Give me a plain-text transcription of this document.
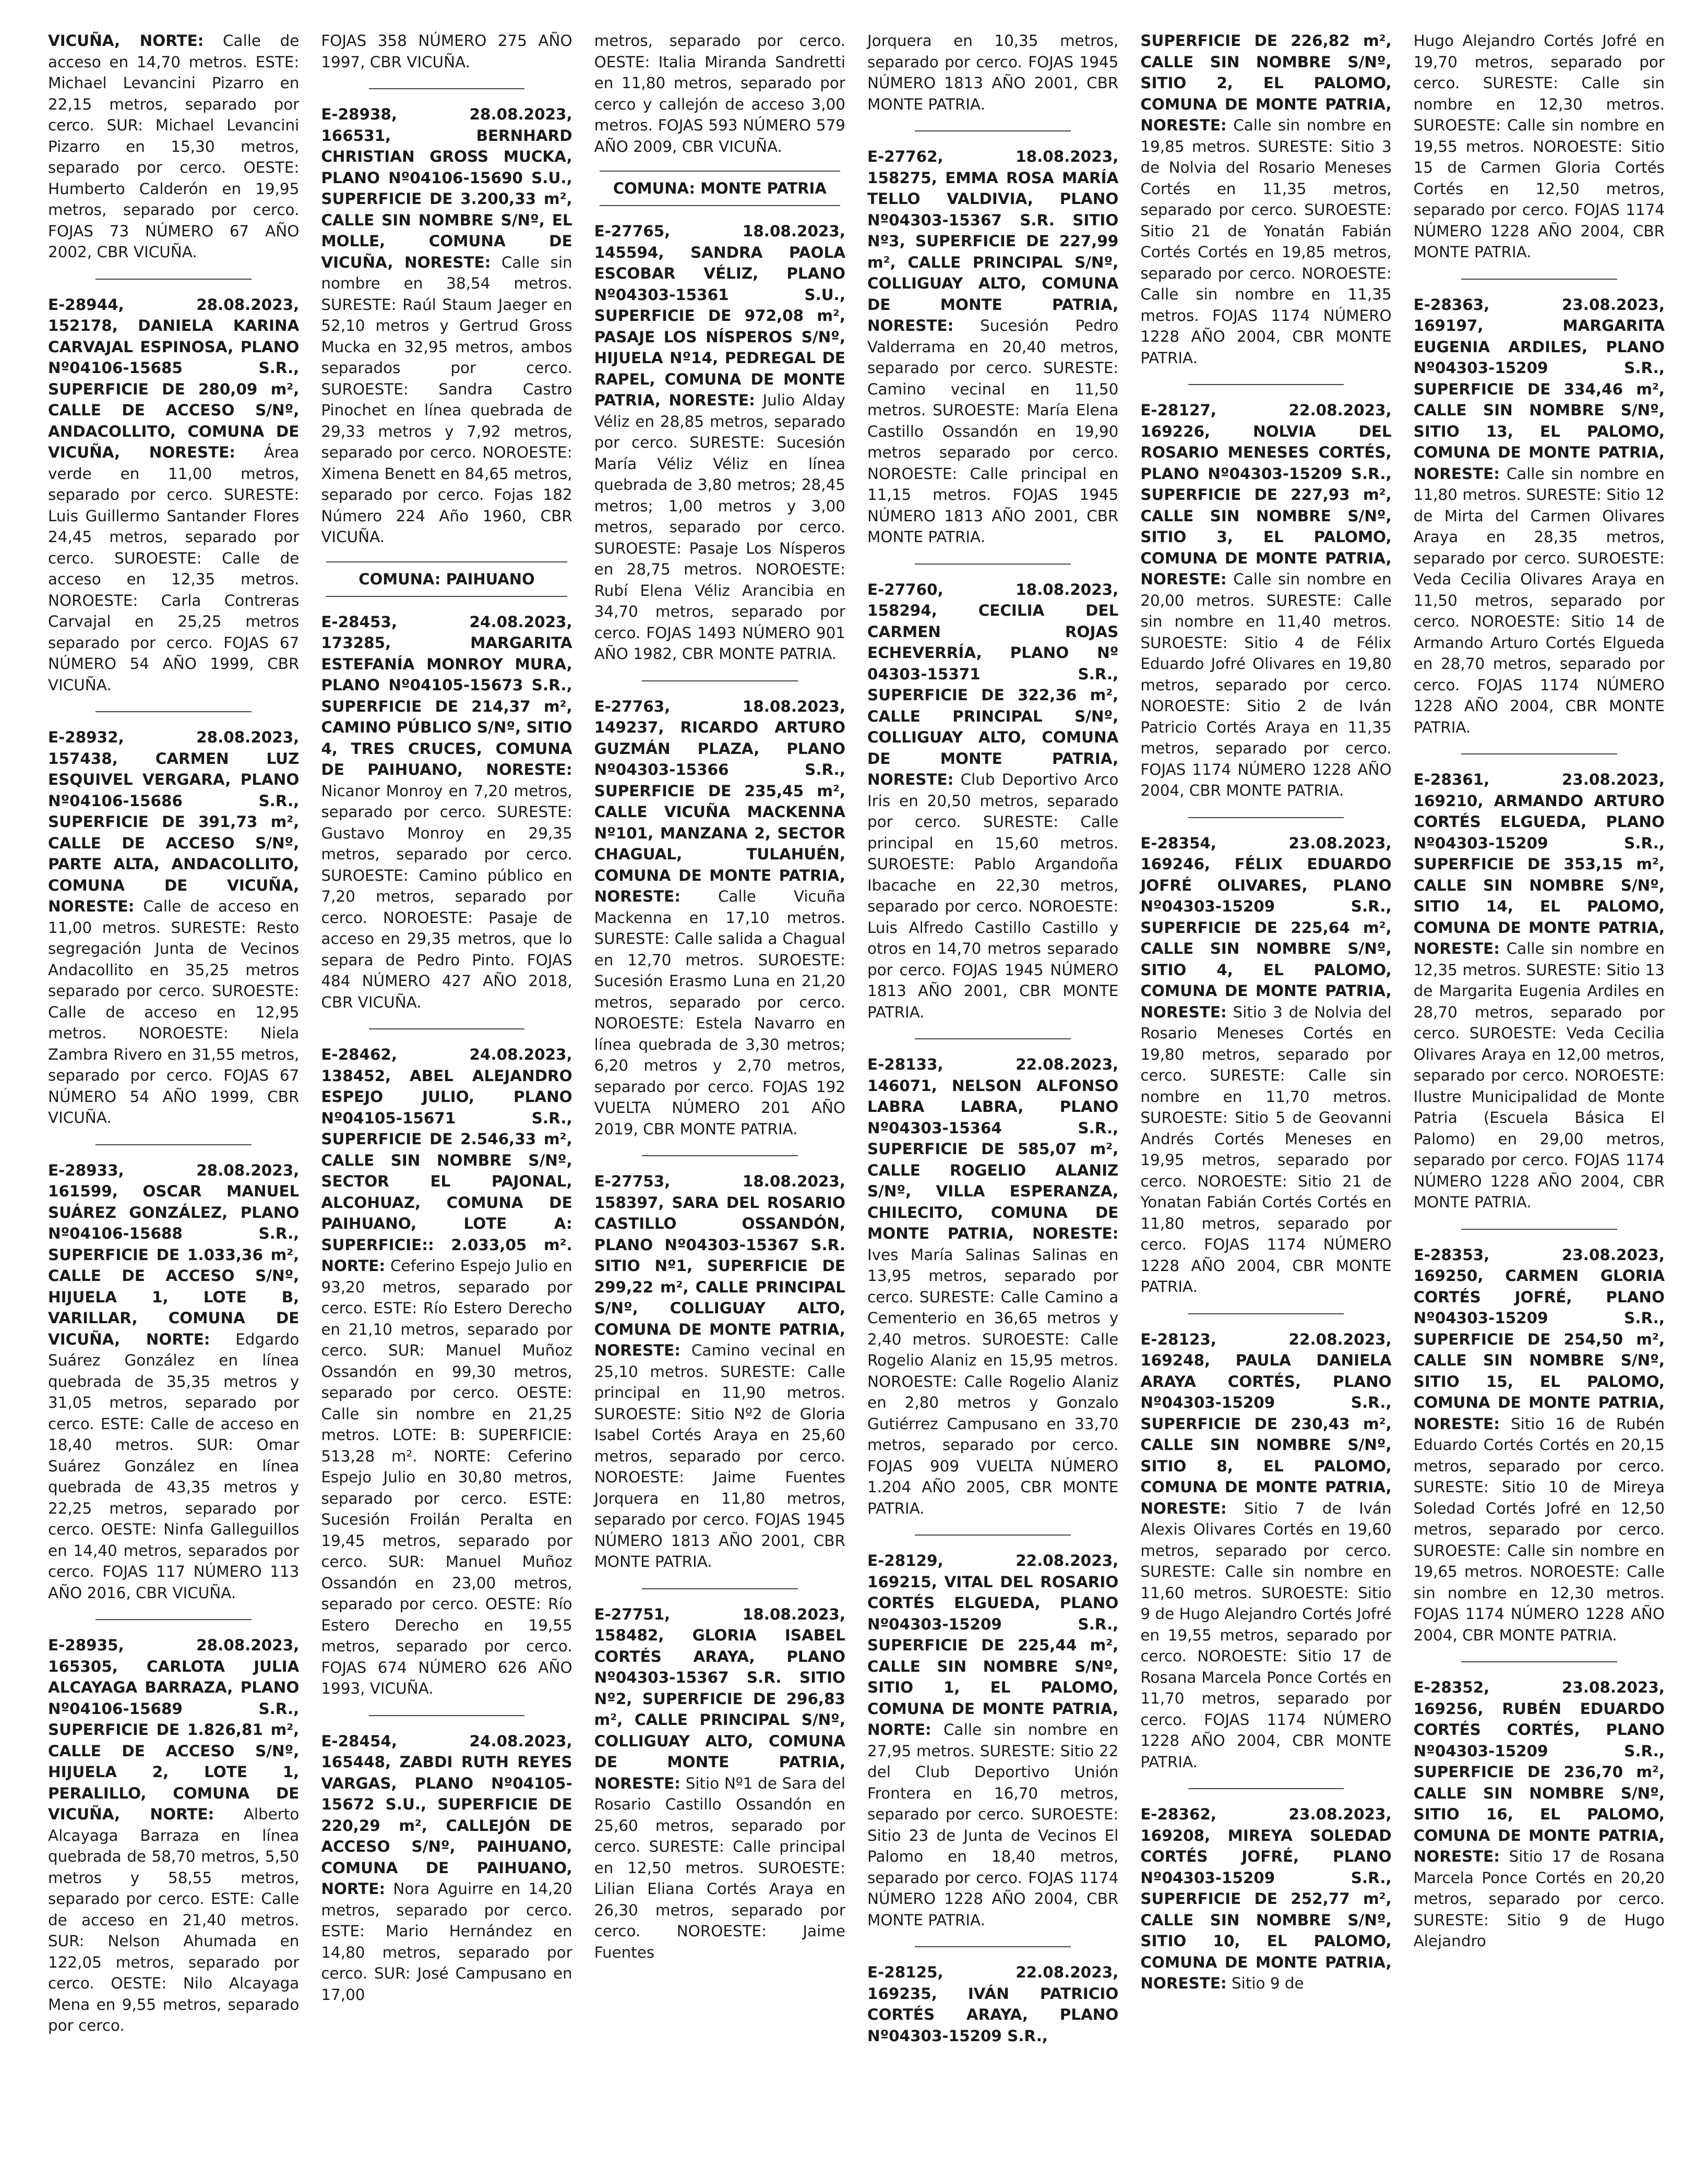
VICUÑA, NORTE: Calle de acceso en 14,70 metros. ESTE: Michael Levancini Pizarro en 22,15 metros, separado por cerco. SUR: Michael Levancini Pizarro en 15,30 metros, separado por cerco. OESTE: Humberto Calderón en 19,95 metros, separado por cerco. FOJAS 73 NÚMERO 67 AÑO 2002, CBR VICUÑA.

E-28944, 28.08.2023, 152178, DANIELA KARINA CARVAJAL ESPINOSA, PLANO Nº04106-15685 S.R., SUPERFICIE DE 280,09 m², CALLE DE ACCESO S/Nº, ANDACOLLITO, COMUNA DE VICUÑA, NORESTE: Área verde en 11,00 metros, separado por cerco. SURESTE: Luis Guillermo Santander Flores 24,45 metros, separado por cerco. SUROESTE: Calle de acceso en 12,35 metros. NOROESTE: Carla Contreras Carvajal en 25,25 metros separado por cerco. FOJAS 67 NÚMERO 54 AÑO 1999, CBR VICUÑA.

E-28932, 28.08.2023, 157438, CARMEN LUZ ESQUIVEL VERGARA, PLANO Nº04106-15686 S.R., SUPERFICIE DE 391,73 m², CALLE DE ACCESO S/Nº, PARTE ALTA, ANDACOLLITO, COMUNA DE VICUÑA, NORESTE: Calle de acceso en 11,00 metros. SURESTE: Resto segregación Junta de Vecinos Andacollito en 35,25 metros separado por cerco. SUROESTE: Calle de acceso en 12,95 metros. NOROESTE: Niela Zambra Rivero en 31,55 metros, separado por cerco. FOJAS 67 NÚMERO 54 AÑO 1999, CBR VICUÑA.

E-28933, 28.08.2023, 161599, OSCAR MANUEL SUÁREZ GONZÁLEZ, PLANO Nº04106-15688 S.R., SUPERFICIE DE 1.033,36 m², CALLE DE ACCESO S/Nº, HIJUELA 1, LOTE B, VARILLAR, COMUNA DE VICUÑA, NORTE: Edgardo Suárez González en línea quebrada de 35,35 metros y 31,05 metros, separado por cerco. ESTE: Calle de acceso en 18,40 metros. SUR: Omar Suárez González en línea quebrada de 43,35 metros y 22,25 metros, separado por cerco. OESTE: Ninfa Galleguillos en 14,40 metros, separados por cerco. FOJAS 117 NÚMERO 113 AÑO 2016, CBR VICUÑA.

E-28935, 28.08.2023, 165305, CARLOTA JULIA ALCAYAGA BARRAZA, PLANO Nº04106-15689 S.R., SUPERFICIE DE 1.826,81 m², CALLE DE ACCESO S/Nº, HIJUELA 2, LOTE 1, PERALILLO, COMUNA DE VICUÑA, NORTE: Alberto Alcayaga Barraza en línea quebrada de 58,70 metros, 5,50 metros y 58,55 metros, separado por cerco. ESTE: Calle de acceso en 21,40 metros. SUR: Nelson Ahumada en 122,05 metros, separado por cerco. OESTE: Nilo Alcayaga Mena en 9,55 metros, separado por cerco.

FOJAS 358 NÚMERO 275 AÑO 1997, CBR VICUÑA.

E-28938, 28.08.2023, 166531, BERNHARD CHRISTIAN GROSS MUCKA, PLANO Nº04106-15690 S.U., SUPERFICIE DE 3.200,33 m², CALLE SIN NOMBRE S/Nº, EL MOLLE, COMUNA DE VICUÑA, NORESTE: Calle sin nombre en 38,54 metros. SURESTE: Raúl Staum Jaeger en 52,10 metros y Gertrud Gross Mucka en 32,95 metros, ambos separados por cerco. SUROESTE: Sandra Castro Pinochet en línea quebrada de 29,33 metros y 7,92 metros, separado por cerco. NOROESTE: Ximena Benett en 84,65 metros, separado por cerco. Fojas 182 Número 224 Año 1960, CBR VICUÑA.

COMUNA: PAIHUANO

E-28453, 24.08.2023, 173285, MARGARITA ESTEFANÍA MONROY MURA, PLANO Nº04105-15673 S.R., SUPERFICIE DE 214,37 m², CAMINO PÚBLICO S/Nº, SITIO 4, TRES CRUCES, COMUNA DE PAIHUANO, NORESTE: Nicanor Monroy en 7,20 metros, separado por cerco. SURESTE: Gustavo Monroy en 29,35 metros, separado por cerco. SUROESTE: Camino público en 7,20 metros, separado por cerco. NOROESTE: Pasaje de acceso en 29,35 metros, que lo separa de Pedro Pinto. FOJAS 484 NÚMERO 427 AÑO 2018, CBR VICUÑA.

E-28462, 24.08.2023, 138452, ABEL ALEJANDRO ESPEJO JULIO, PLANO Nº04105-15671 S.R., SUPERFICIE DE 2.546,33 m², CALLE SIN NOMBRE S/Nº, SECTOR EL PAJONAL, ALCOHUAZ, COMUNA DE PAIHUANO, LOTE A: SUPERFICIE:: 2.033,05 m². NORTE: Ceferino Espejo Julio en 93,20 metros, separado por cerco. ESTE: Río Estero Derecho en 21,10 metros, separado por cerco. SUR: Manuel Muñoz Ossandón en 99,30 metros, separado por cerco. OESTE: Calle sin nombre en 21,25 metros. LOTE: B: SUPERFICIE: 513,28 m². NORTE: Ceferino Espejo Julio en 30,80 metros, separado por cerco. ESTE: Sucesión Froilán Peralta en 19,45 metros, separado por cerco. SUR: Manuel Muñoz Ossandón en 23,00 metros, separado por cerco. OESTE: Río Estero Derecho en 19,55 metros, separado por cerco. FOJAS 674 NÚMERO 626 AÑO 1993, VICUÑA.

E-28454, 24.08.2023, 165448, ZABDI RUTH REYES VARGAS, PLANO Nº04105-15672 S.U., SUPERFICIE DE 220,29 m², CALLEJÓN DE ACCESO S/Nº, PAIHUANO, COMUNA DE PAIHUANO, NORTE: Nora Aguirre en 14,20 metros, separado por cerco. ESTE: Mario Hernández en 14,80 metros, separado por cerco. SUR: José Campusano en 17,00

metros, separado por cerco. OESTE: Italia Miranda Sandretti en 11,80 metros, separado por cerco y callejón de acceso 3,00 metros. FOJAS 593 NÚMERO 579 AÑO 2009, CBR VICUÑA.

COMUNA: MONTE PATRIA

E-27765, 18.08.2023, 145594, SANDRA PAOLA ESCOBAR VÉLIZ, PLANO Nº04303-15361 S.U., SUPERFICIE DE 972,08 m², PASAJE LOS NÍSPEROS S/Nº, HIJUELA Nº14, PEDREGAL DE RAPEL, COMUNA DE MONTE PATRIA, NORESTE: Julio Alday Véliz en 28,85 metros, separado por cerco. SURESTE: Sucesión María Véliz Véliz en línea quebrada de 3,80 metros; 28,45 metros; 1,00 metros y 3,00 metros, separado por cerco. SUROESTE: Pasaje Los Nísperos en 28,75 metros. NOROESTE: Rubí Elena Véliz Arancibia en 34,70 metros, separado por cerco. FOJAS 1493 NÚMERO 901 AÑO 1982, CBR MONTE PATRIA.

E-27763, 18.08.2023, 149237, RICARDO ARTURO GUZMÁN PLAZA, PLANO Nº04303-15366 S.R., SUPERFICIE DE 235,45 m², CALLE VICUÑA MACKENNA Nº101, MANZANA 2, SECTOR CHAGUAL, TULAHUÉN, COMUNA DE MONTE PATRIA, NORESTE: Calle Vicuña Mackenna en 17,10 metros. SURESTE: Calle salida a Chagual en 12,70 metros. SUROESTE: Sucesión Erasmo Luna en 21,20 metros, separado por cerco. NOROESTE: Estela Navarro en línea quebrada de 3,30 metros; 6,20 metros y 2,70 metros, separado por cerco. FOJAS 192 VUELTA NÚMERO 201 AÑO 2019, CBR MONTE PATRIA.

E-27753, 18.08.2023, 158397, SARA DEL ROSARIO CASTILLO OSSANDÓN, PLANO Nº04303-15367 S.R. SITIO Nº1, SUPERFICIE DE 299,22 m², CALLE PRINCIPAL S/Nº, COLLIGUAY ALTO, COMUNA DE MONTE PATRIA, NORESTE: Camino vecinal en 25,10 metros. SURESTE: Calle principal en 11,90 metros. SUROESTE: Sitio Nº2 de Gloria Isabel Cortés Araya en 25,60 metros, separado por cerco. NOROESTE: Jaime Fuentes Jorquera en 11,80 metros, separado por cerco. FOJAS 1945 NÚMERO 1813 AÑO 2001, CBR MONTE PATRIA.

E-27751, 18.08.2023, 158482, GLORIA ISABEL CORTÉS ARAYA, PLANO Nº04303-15367 S.R. SITIO Nº2, SUPERFICIE DE 296,83 m², CALLE PRINCIPAL S/Nº, COLLIGUAY ALTO, COMUNA DE MONTE PATRIA, NORESTE: Sitio Nº1 de Sara del Rosario Castillo Ossandón en 25,60 metros, separado por cerco. SURESTE: Calle principal en 12,50 metros. SUROESTE: Lilian Eliana Cortés Araya en 26,30 metros, separado por cerco. NOROESTE: Jaime Fuentes

Jorquera en 10,35 metros, separado por cerco. FOJAS 1945 NÚMERO 1813 AÑO 2001, CBR MONTE PATRIA.

E-27762, 18.08.2023, 158275, EMMA ROSA MARÍA TELLO VALDIVIA, PLANO Nº04303-15367 S.R. SITIO Nº3, SUPERFICIE DE 227,99 m², CALLE PRINCIPAL S/Nº, COLLIGUAY ALTO, COMUNA DE MONTE PATRIA, NORESTE: Sucesión Pedro Valderrama en 20,40 metros, separado por cerco. SURESTE: Camino vecinal en 11,50 metros. SUROESTE: María Elena Castillo Ossandón en 19,90 metros separado por cerco. NOROESTE: Calle principal en 11,15 metros. FOJAS 1945 NÚMERO 1813 AÑO 2001, CBR MONTE PATRIA.

E-27760, 18.08.2023, 158294, CECILIA DEL CARMEN ROJAS ECHEVERRÍA, PLANO Nº 04303-15371 S.R., SUPERFICIE DE 322,36 m², CALLE PRINCIPAL S/Nº, COLLIGUAY ALTO, COMUNA DE MONTE PATRIA, NORESTE: Club Deportivo Arco Iris en 20,50 metros, separado por cerco. SURESTE: Calle principal en 15,60 metros. SUROESTE: Pablo Argandoña Ibacache en 22,30 metros, separado por cerco. NOROESTE: Luis Alfredo Castillo Castillo y otros en 14,70 metros separado por cerco. FOJAS 1945 NÚMERO 1813 AÑO 2001, CBR MONTE PATRIA.

E-28133, 22.08.2023, 146071, NELSON ALFONSO LABRA LABRA, PLANO Nº04303-15364 S.R., SUPERFICIE DE 585,07 m², CALLE ROGELIO ALANIZ S/Nº, VILLA ESPERANZA, CHILECITO, COMUNA DE MONTE PATRIA, NORESTE: Ives María Salinas Salinas en 13,95 metros, separado por cerco. SURESTE: Calle Camino a Cementerio en 36,65 metros y 2,40 metros. SUROESTE: Calle Rogelio Alaniz en 15,95 metros. NOROESTE: Calle Rogelio Alaniz en 2,80 metros y Gonzalo Gutiérrez Campusano en 33,70 metros, separado por cerco. FOJAS 909 VUELTA NÚMERO 1.204 AÑO 2005, CBR MONTE PATRIA.

E-28129, 22.08.2023, 169215, VITAL DEL ROSARIO CORTÉS ELGUEDA, PLANO Nº04303-15209 S.R., SUPERFICIE DE 225,44 m², CALLE SIN NOMBRE S/Nº, SITIO 1, EL PALOMO, COMUNA DE MONTE PATRIA, NORTE: Calle sin nombre en 27,95 metros. SURESTE: Sitio 22 del Club Deportivo Unión Frontera en 16,70 metros, separado por cerco. SUROESTE: Sitio 23 de Junta de Vecinos El Palomo en 18,40 metros, separado por cerco. FOJAS 1174 NÚMERO 1228 AÑO 2004, CBR MONTE PATRIA.

E-28125, 22.08.2023, 169235, IVÁN PATRICIO CORTÉS ARAYA, PLANO Nº04303-15209 S.R.,

SUPERFICIE DE 226,82 m², CALLE SIN NOMBRE S/Nº, SITIO 2, EL PALOMO, COMUNA DE MONTE PATRIA, NORESTE: Calle sin nombre en 19,85 metros. SURESTE: Sitio 3 de Nolvia del Rosario Meneses Cortés en 11,35 metros, separado por cerco. SUROESTE: Sitio 21 de Yonatán Fabián Cortés Cortés en 19,85 metros, separado por cerco. NOROESTE: Calle sin nombre en 11,35 metros. FOJAS 1174 NÚMERO 1228 AÑO 2004, CBR MONTE PATRIA.

E-28127, 22.08.2023, 169226, NOLVIA DEL ROSARIO MENESES CORTÉS, PLANO Nº04303-15209 S.R., SUPERFICIE DE 227,93 m², CALLE SIN NOMBRE S/Nº, SITIO 3, EL PALOMO, COMUNA DE MONTE PATRIA, NORESTE: Calle sin nombre en 20,00 metros. SURESTE: Calle sin nombre en 11,40 metros. SUROESTE: Sitio 4 de Félix Eduardo Jofré Olivares en 19,80 metros, separado por cerco. NOROESTE: Sitio 2 de Iván Patricio Cortés Araya en 11,35 metros, separado por cerco. FOJAS 1174 NÚMERO 1228 AÑO 2004, CBR MONTE PATRIA.

E-28354, 23.08.2023, 169246, FÉLIX EDUARDO JOFRÉ OLIVARES, PLANO Nº04303-15209 S.R., SUPERFICIE DE 225,64 m², CALLE SIN NOMBRE S/Nº, SITIO 4, EL PALOMO, COMUNA DE MONTE PATRIA, NORESTE: Sitio 3 de Nolvia del Rosario Meneses Cortés en 19,80 metros, separado por cerco. SURESTE: Calle sin nombre en 11,70 metros. SUROESTE: Sitio 5 de Geovanni Andrés Cortés Meneses en 19,95 metros, separado por cerco. NOROESTE: Sitio 21 de Yonatan Fabián Cortés Cortés en 11,80 metros, separado por cerco. FOJAS 1174 NÚMERO 1228 AÑO 2004, CBR MONTE PATRIA.

E-28123, 22.08.2023, 169248, PAULA DANIELA ARAYA CORTÉS, PLANO Nº04303-15209 S.R., SUPERFICIE DE 230,43 m², CALLE SIN NOMBRE S/Nº, SITIO 8, EL PALOMO, COMUNA DE MONTE PATRIA, NORESTE: Sitio 7 de Iván Alexis Olivares Cortés en 19,60 metros, separado por cerco. SURESTE: Calle sin nombre en 11,60 metros. SUROESTE: Sitio 9 de Hugo Alejandro Cortés Jofré en 19,55 metros, separado por cerco. NOROESTE: Sitio 17 de Rosana Marcela Ponce Cortés en 11,70 metros, separado por cerco. FOJAS 1174 NÚMERO 1228 AÑO 2004, CBR MONTE PATRIA.

E-28362, 23.08.2023, 169208, MIREYA SOLEDAD CORTÉS JOFRÉ, PLANO Nº04303-15209 S.R., SUPERFICIE DE 252,77 m², CALLE SIN NOMBRE S/Nº, SITIO 10, EL PALOMO, COMUNA DE MONTE PATRIA, NORESTE: Sitio 9 de

Hugo Alejandro Cortés Jofré en 19,70 metros, separado por cerco. SURESTE: Calle sin nombre en 12,30 metros. SUROESTE: Calle sin nombre en 19,55 metros. NOROESTE: Sitio 15 de Carmen Gloria Cortés Cortés en 12,50 metros, separado por cerco. FOJAS 1174 NÚMERO 1228 AÑO 2004, CBR MONTE PATRIA.

E-28363, 23.08.2023, 169197, MARGARITA EUGENIA ARDILES, PLANO Nº04303-15209 S.R., SUPERFICIE DE 334,46 m², CALLE SIN NOMBRE S/Nº, SITIO 13, EL PALOMO, COMUNA DE MONTE PATRIA, NORESTE: Calle sin nombre en 11,80 metros. SURESTE: Sitio 12 de Mirta del Carmen Olivares Araya en 28,35 metros, separado por cerco. SUROESTE: Veda Cecilia Olivares Araya en 11,50 metros, separado por cerco. NOROESTE: Sitio 14 de Armando Arturo Cortés Elgueda en 28,70 metros, separado por cerco. FOJAS 1174 NÚMERO 1228 AÑO 2004, CBR MONTE PATRIA.

E-28361, 23.08.2023, 169210, ARMANDO ARTURO CORTÉS ELGUEDA, PLANO Nº04303-15209 S.R., SUPERFICIE DE 353,15 m², CALLE SIN NOMBRE S/Nº, SITIO 14, EL PALOMO, COMUNA DE MONTE PATRIA, NORESTE: Calle sin nombre en 12,35 metros. SURESTE: Sitio 13 de Margarita Eugenia Ardiles en 28,70 metros, separado por cerco. SUROESTE: Veda Cecilia Olivares Araya en 12,00 metros, separado por cerco. NOROESTE: Ilustre Municipalidad de Monte Patria (Escuela Básica El Palomo) en 29,00 metros, separado por cerco. FOJAS 1174 NÚMERO 1228 AÑO 2004, CBR MONTE PATRIA.

E-28353, 23.08.2023, 169250, CARMEN GLORIA CORTÉS JOFRÉ, PLANO Nº04303-15209 S.R., SUPERFICIE DE 254,50 m², CALLE SIN NOMBRE S/Nº, SITIO 15, EL PALOMO, COMUNA DE MONTE PATRIA, NORESTE: Sitio 16 de Rubén Eduardo Cortés Cortés en 20,15 metros, separado por cerco. SURESTE: Sitio 10 de Mireya Soledad Cortés Jofré en 12,50 metros, separado por cerco. SUROESTE: Calle sin nombre en 19,65 metros. NOROESTE: Calle sin nombre en 12,30 metros. FOJAS 1174 NÚMERO 1228 AÑO 2004, CBR MONTE PATRIA.

E-28352, 23.08.2023, 169256, RUBÉN EDUARDO CORTÉS CORTÉS, PLANO Nº04303-15209 S.R., SUPERFICIE DE 236,70 m², CALLE SIN NOMBRE S/Nº, SITIO 16, EL PALOMO, COMUNA DE MONTE PATRIA, NORESTE: Sitio 17 de Rosana Marcela Ponce Cortés en 20,20 metros, separado por cerco. SURESTE: Sitio 9 de Hugo Alejandro
